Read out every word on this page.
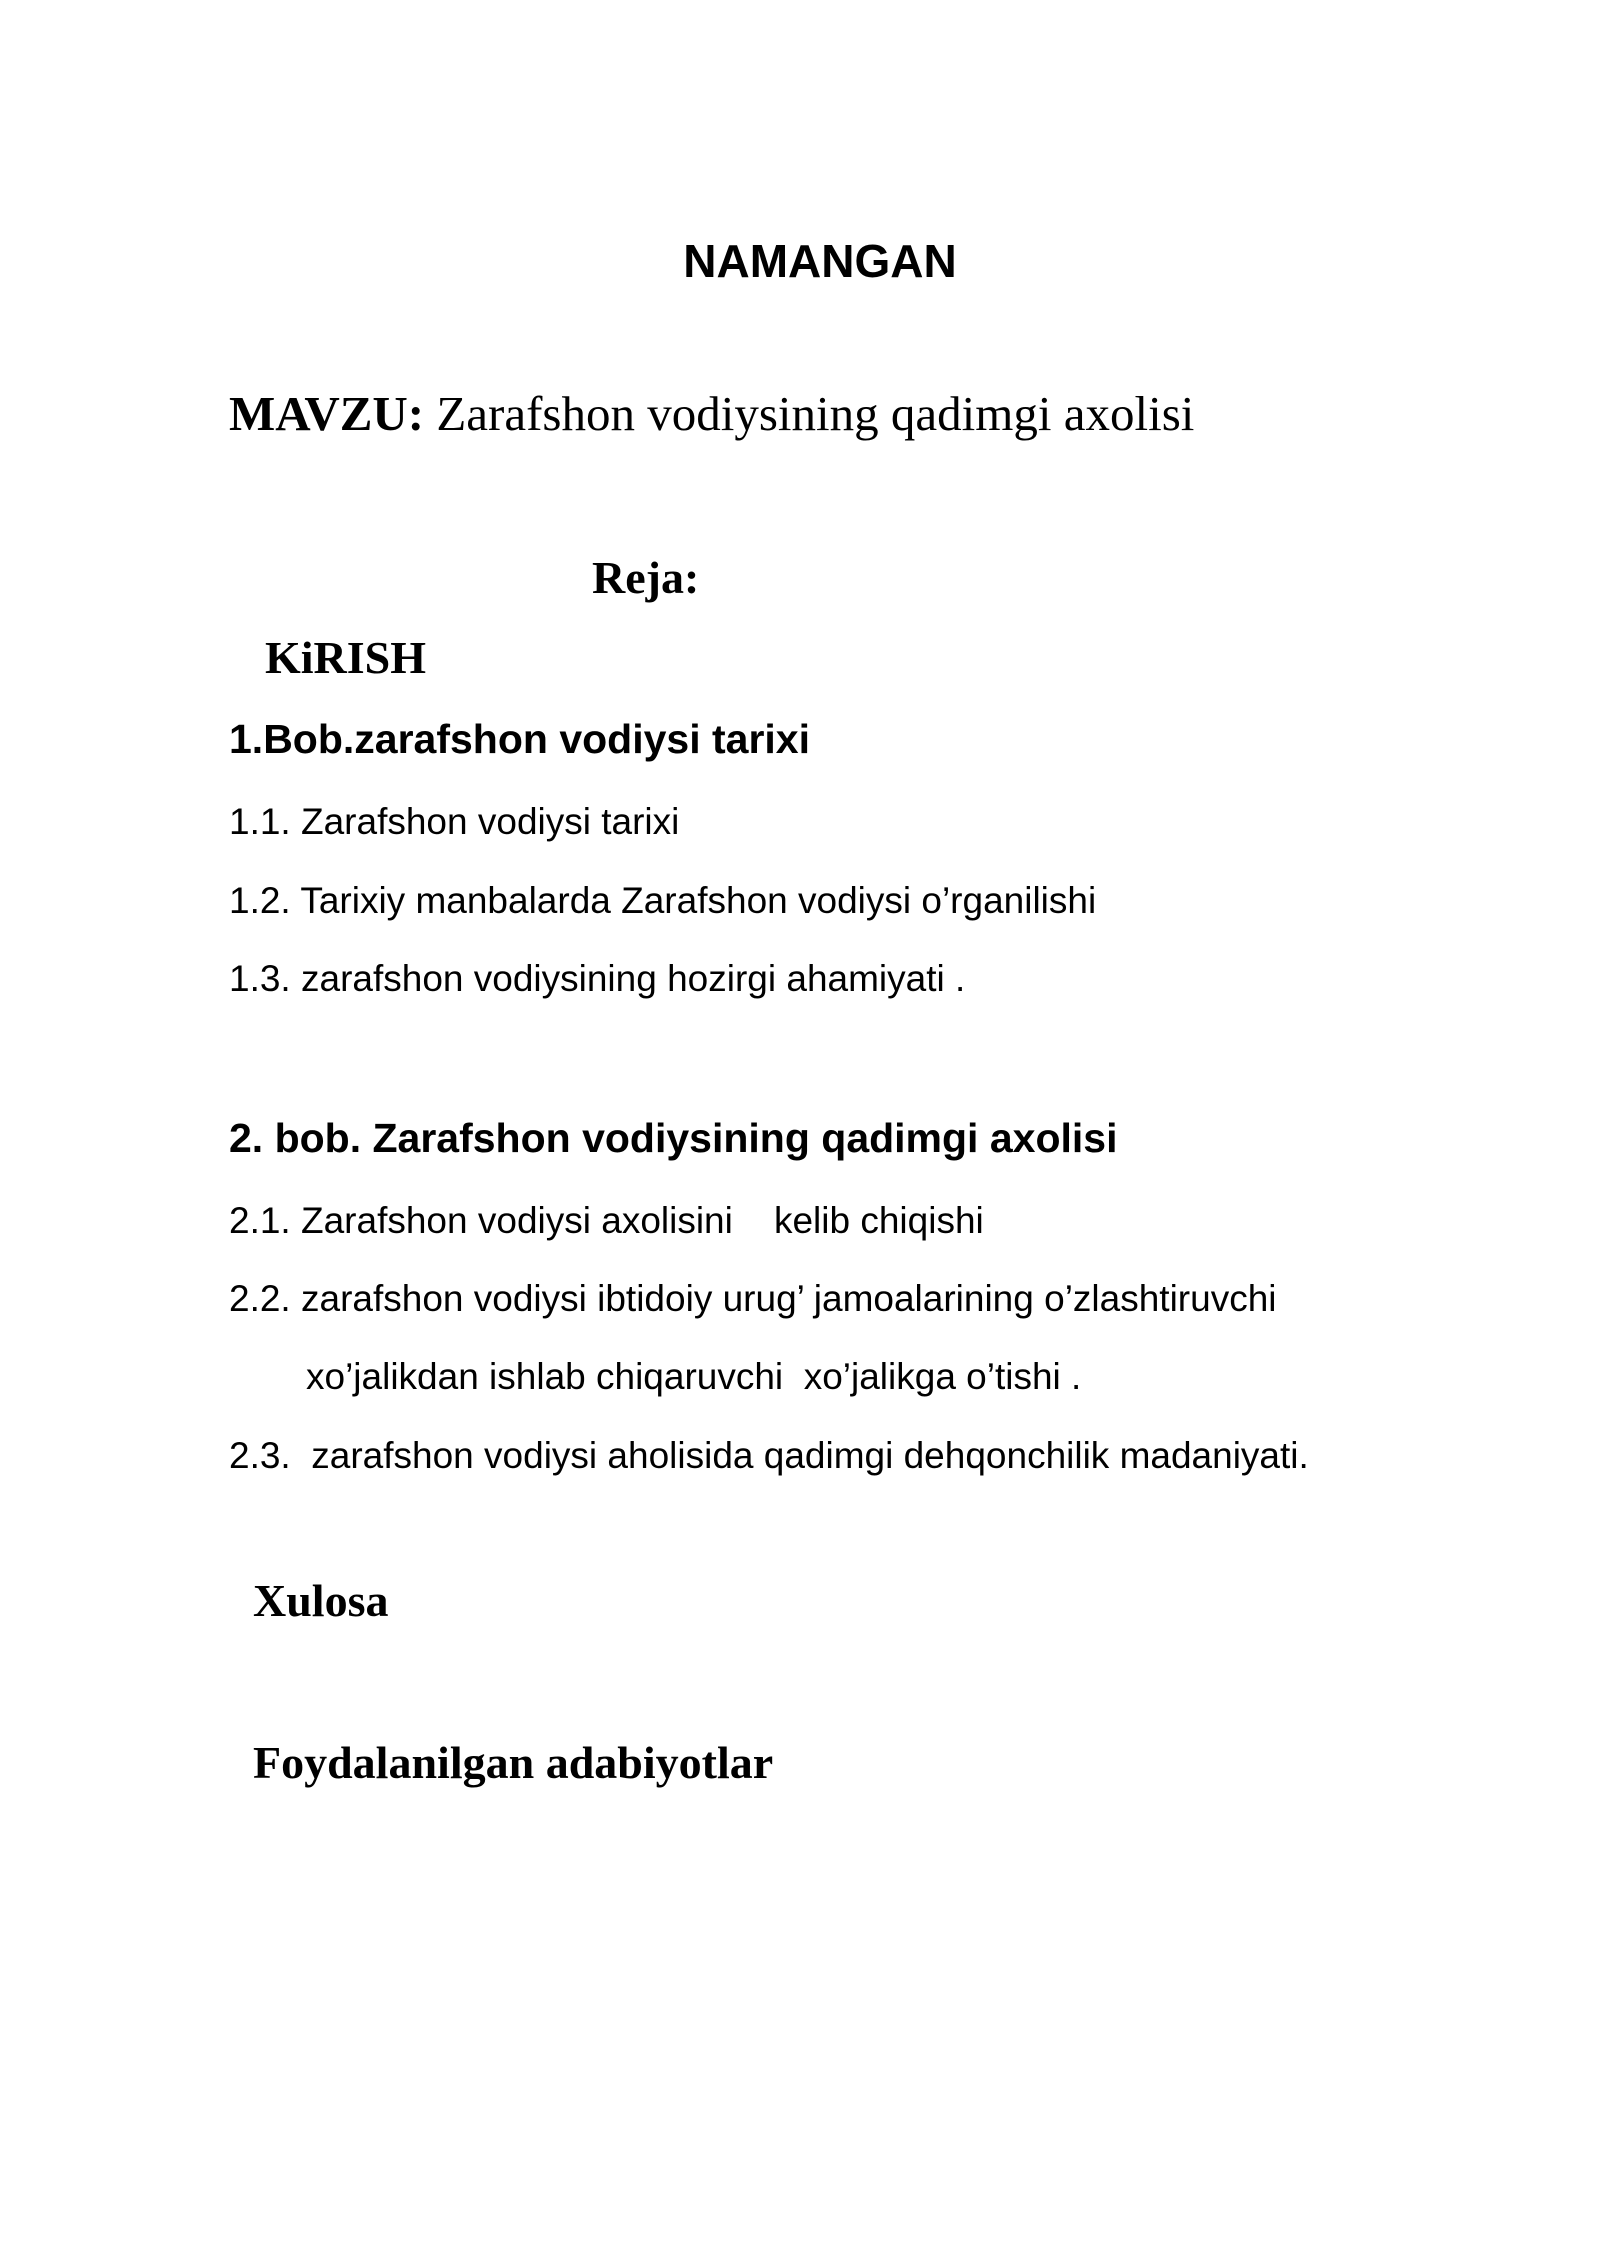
NAMANGAN
MAVZU: Zarafshon vodiysining qadimgi axolisi
Reja:
KiRISH
1.Bob.zarafshon vodiysi tarixi
1.1. Zarafshon vodiysi tarixi
1.2. Tarixiy manbalarda Zarafshon vodiysi o’rganilishi
1.3. zarafshon vodiysining hozirgi ahamiyati .
2. bob. Zarafshon vodiysining qadimgi axolisi
2.1. Zarafshon vodiysi axolisini    kelib chiqishi
2.2. zarafshon vodiysi ibtidoiy urug’ jamoalarining o’zlashtiruvchi
xo’jalikdan ishlab chiqaruvchi  xo’jalikga o’tishi .
2.3.  zarafshon vodiysi aholisida qadimgi dehqonchilik madaniyati.
Xulosa
Foydalanilgan adabiyotlar
